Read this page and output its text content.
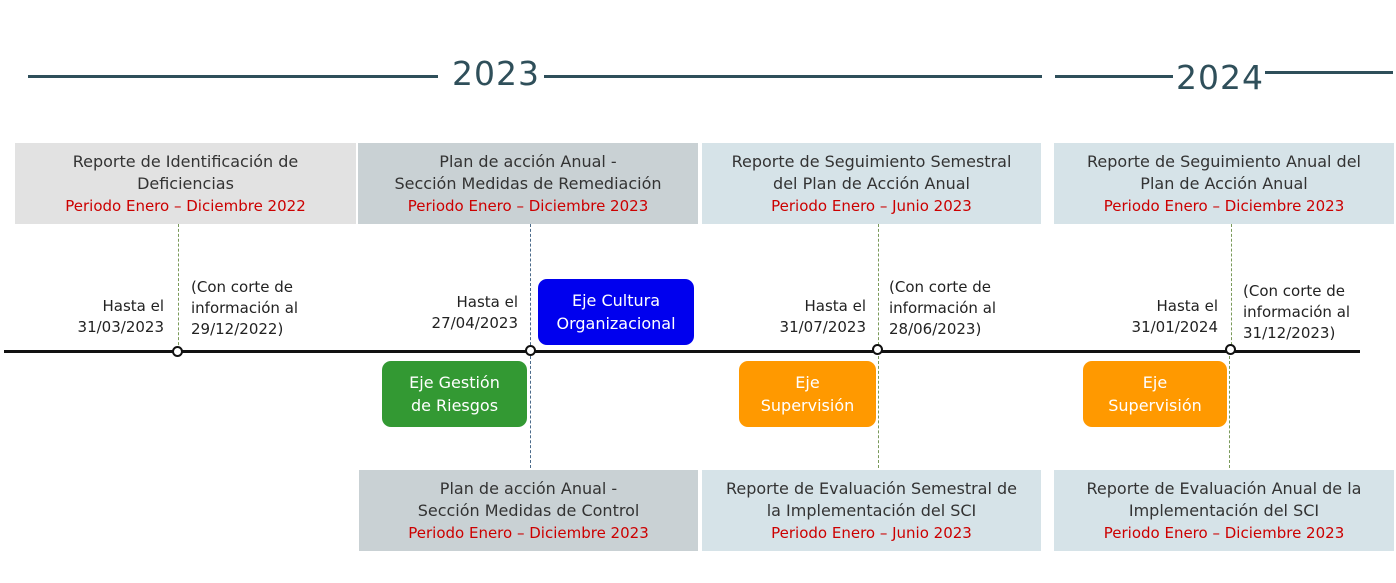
2023	2024
Reporte de Identificación de
Deficiencias
Periodo Enero – Diciembre 2022
Plan de acción Anual -
Sección Medidas de Remediación
Periodo Enero – Diciembre 2023
Reporte de Seguimiento Semestral
del Plan de Acción Anual
Periodo Enero – Junio 2023
Reporte de Seguimiento Anual del
Plan de Acción Anual
Periodo Enero – Diciembre 2023
Hasta el
31/03/2023
(Con corte de
información al
29/12/2022)
Hasta el
27/04/2023
Hasta el
31/07/2023
(Con corte de
información al
28/06/2023)
Hasta el
31/01/2024
(Con corte de
información al
31/12/2023)
Eje Cultura
Organizacional
Eje Gestión
de Riesgos
Eje
Supervisión
Eje
Supervisión
Plan de acción Anual -
Sección Medidas de Control
Periodo Enero – Diciembre 2023
Reporte de Evaluación Semestral de
la Implementación del SCI
Periodo Enero – Junio 2023
Reporte de Evaluación Anual de la
Implementación del SCI
Periodo Enero – Diciembre 2023
